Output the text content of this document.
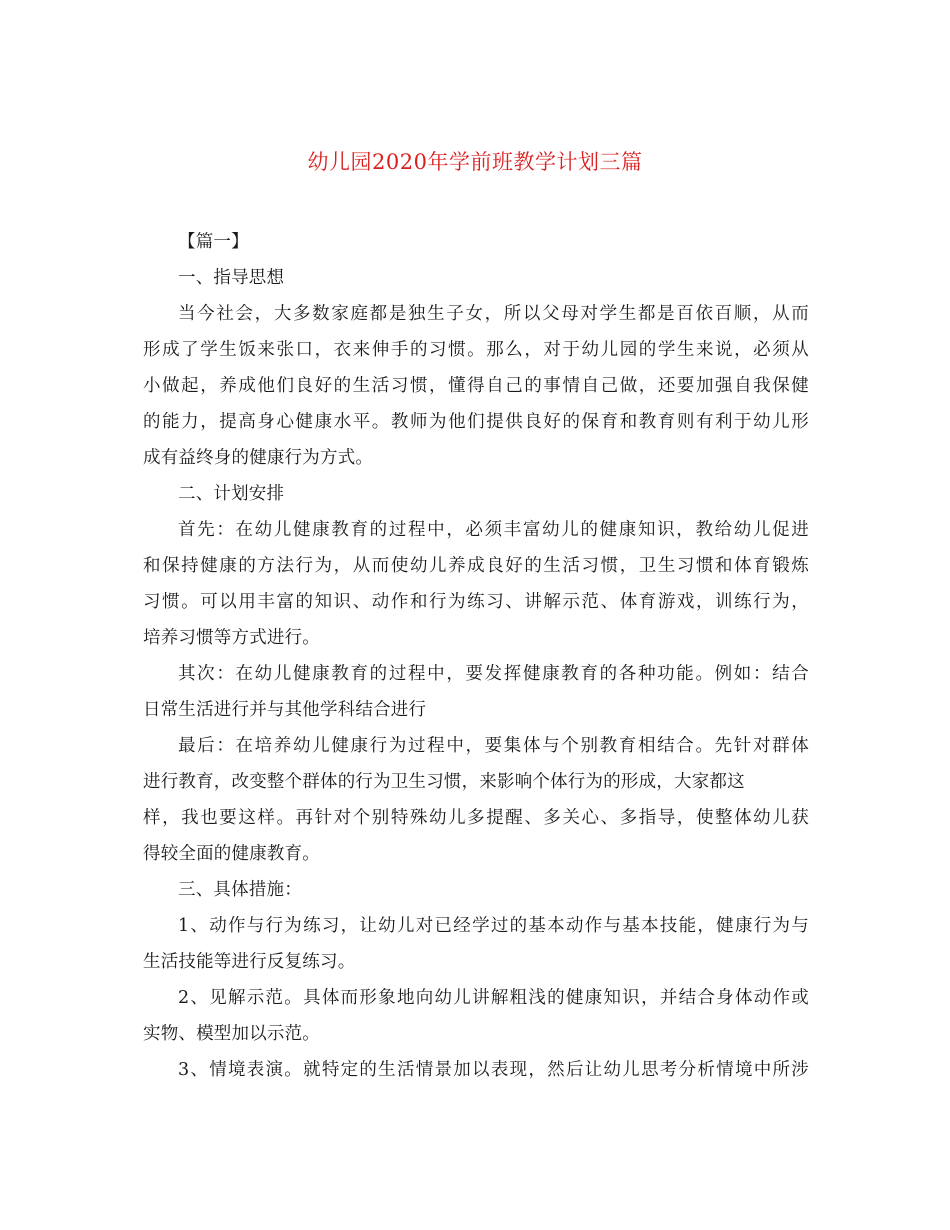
幼儿园2020年学前班教学计划三篇
【篇一】
一、指导思想
当今社会，大多数家庭都是独生子女，所以父母对学生都是百依百顺，从而
形成了学生饭来张口，衣来伸手的习惯。那么，对于幼儿园的学生来说，必须从
小做起，养成他们良好的生活习惯，懂得自己的事情自己做，还要加强自我保健
的能力，提高身心健康水平。教师为他们提供良好的保育和教育则有利于幼儿形
成有益终身的健康行为方式。
二、计划安排
首先：在幼儿健康教育的过程中，必须丰富幼儿的健康知识，教给幼儿促进
和保持健康的方法行为，从而使幼儿养成良好的生活习惯，卫生习惯和体育锻炼
习惯。可以用丰富的知识、动作和行为练习、讲解示范、体育游戏，训练行为，
培养习惯等方式进行。
其次：在幼儿健康教育的过程中，要发挥健康教育的各种功能。例如：结合
日常生活进行并与其他学科结合进行
最后：在培养幼儿健康行为过程中，要集体与个别教育相结合。先针对群体
进行教育，改变整个群体的行为卫生习惯，来影响个体行为的形成，大家都这
样，我也要这样。再针对个别特殊幼儿多提醒、多关心、多指导，使整体幼儿获
得较全面的健康教育。
三、具体措施：
1、动作与行为练习，让幼儿对已经学过的基本动作与基本技能，健康行为与
生活技能等进行反复练习。
2、见解示范。具体而形象地向幼儿讲解粗浅的健康知识，并结合身体动作或
实物、模型加以示范。
3、情境表演。就特定的生活情景加以表现，然后让幼儿思考分析情境中所涉
